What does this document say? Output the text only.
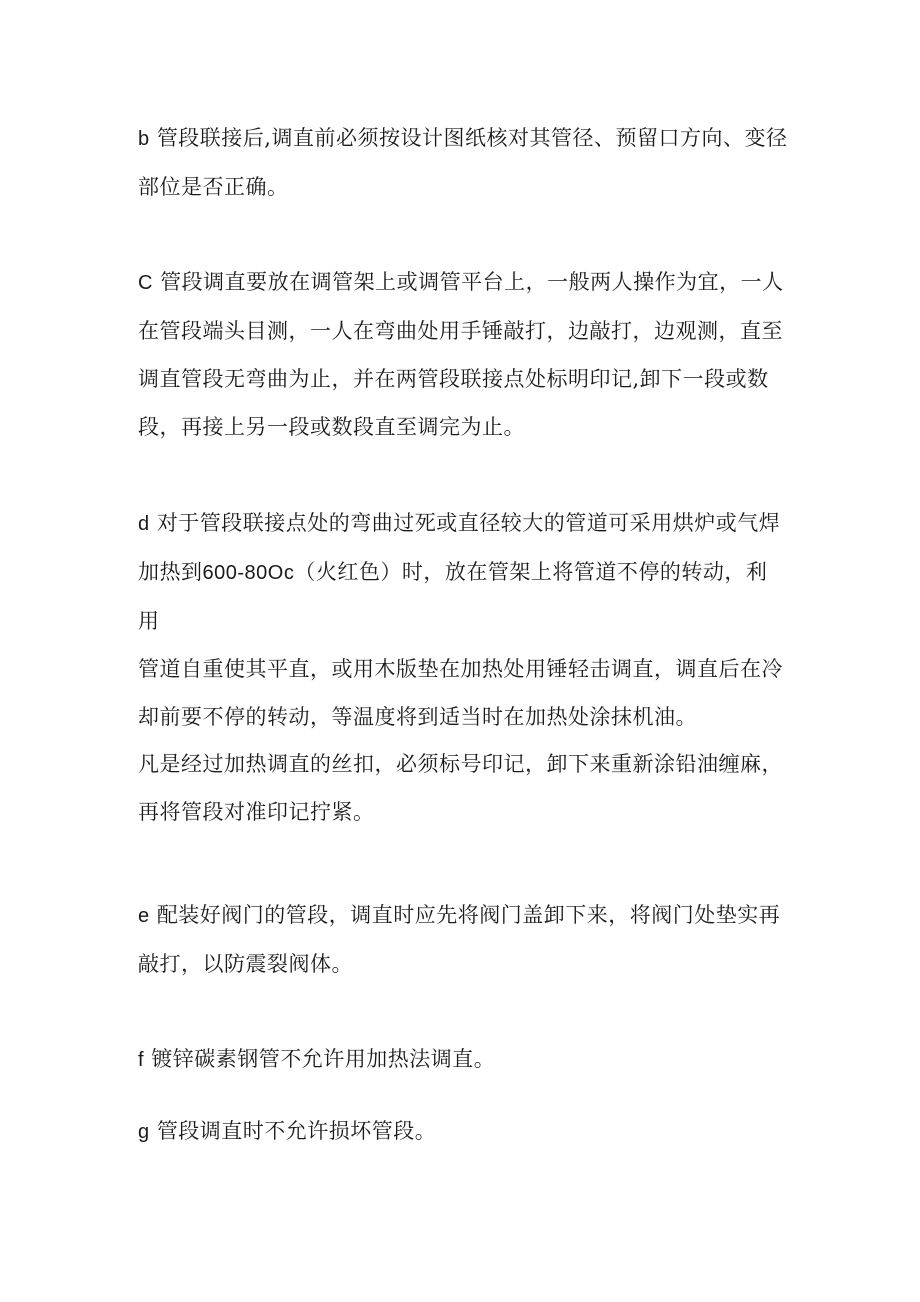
b 管段联接后,调直前必须按设计图纸核对其管径、预留口方向、变径
部位是否正确。

C 管段调直要放在调管架上或调管平台上，一般两人操作为宜，一人
在管段端头目测，一人在弯曲处用手锤敲打，边敲打，边观测，直至
调直管段无弯曲为止，并在两管段联接点处标明印记,卸下一段或数
段，再接上另一段或数段直至调完为止。

d 对于管段联接点处的弯曲过死或直径较大的管道可采用烘炉或气焊
加热到600-80Oc（火红色）时，放在管架上将管道不停的转动，利用
管道自重使其平直，或用木版垫在加热处用锤轻击调直，调直后在冷
却前要不停的转动，等温度将到适当时在加热处涂抹机油。

凡是经过加热调直的丝扣，必须标号印记，卸下来重新涂铅油缠麻，
再将管段对准印记拧紧。

e 配装好阀门的管段，调直时应先将阀门盖卸下来，将阀门处垫实再
敲打，以防震裂阀体。

f 镀锌碳素钢管不允许用加热法调直。

g 管段调直时不允许损坏管段。
